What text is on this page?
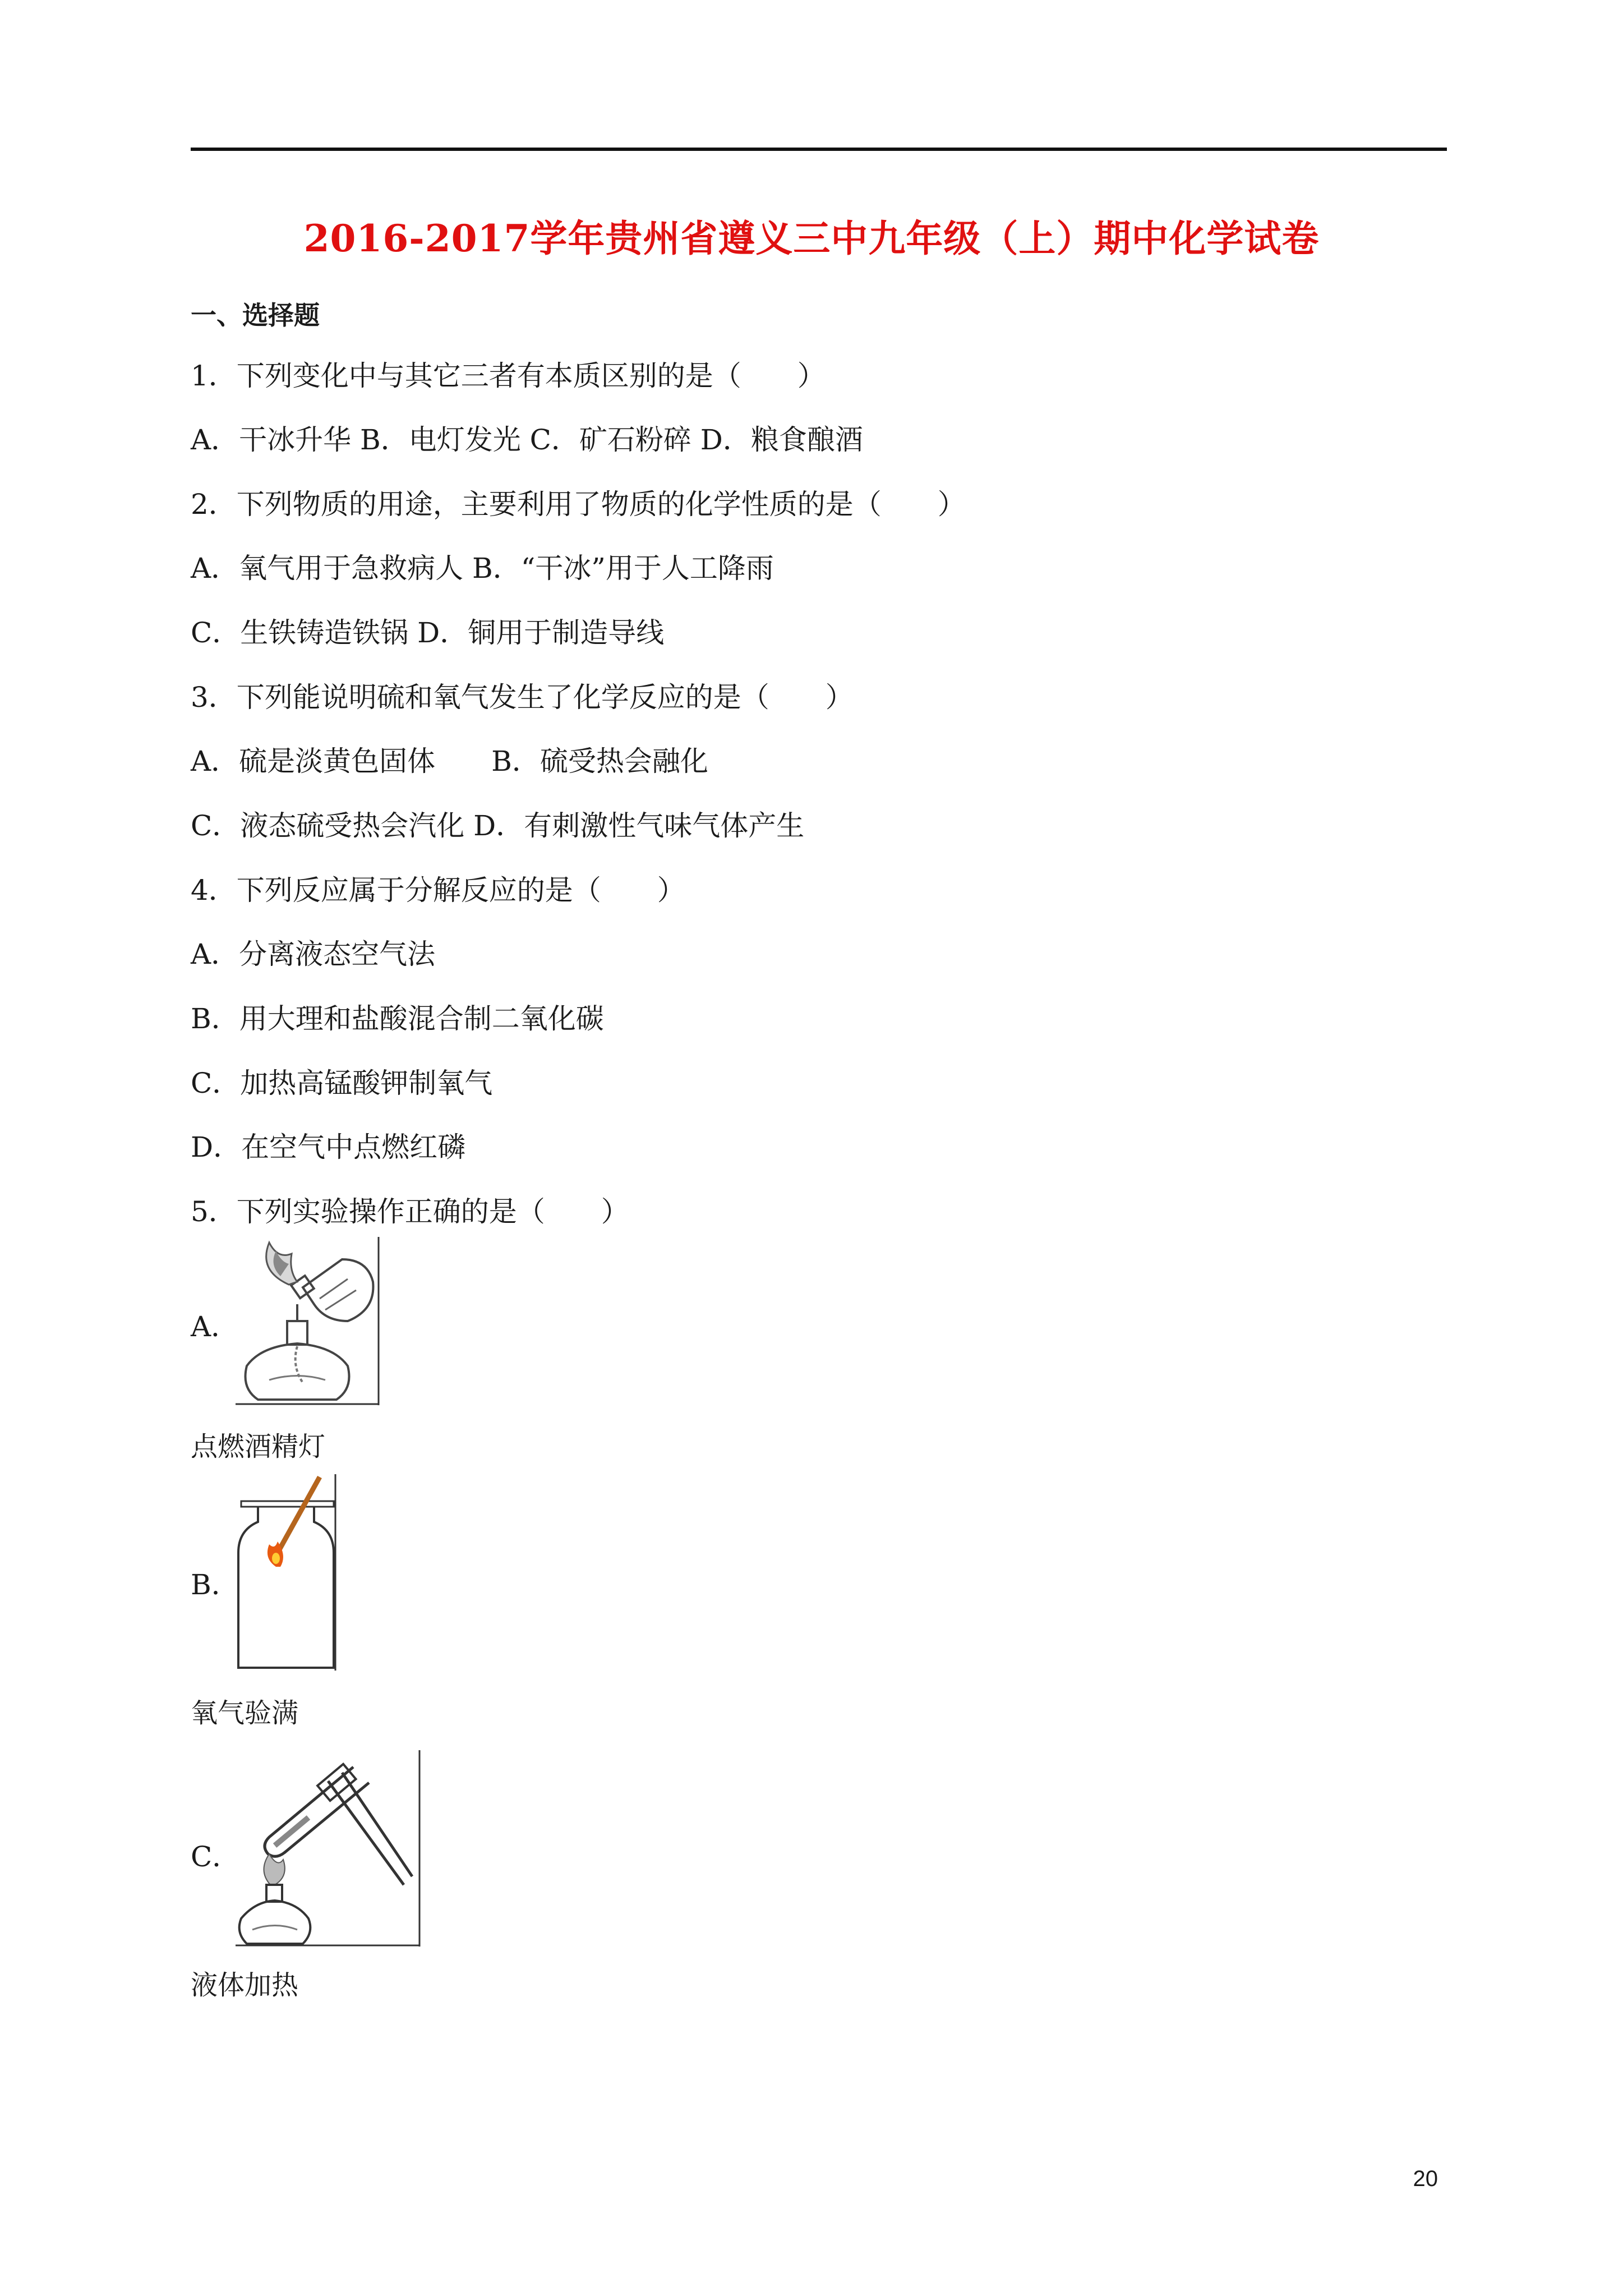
2016-2017学年贵州省遵义三中九年级（上）期中化学试卷
一、选择题
1．下列变化中与其它三者有本质区别的是（　　）
A．干冰升华 B．电灯发光 C．矿石粉碎 D．粮食酿酒
2．下列物质的用途，主要利用了物质的化学性质的是（　　）
A．氧气用于急救病人 B．“干冰”用于人工降雨
C．生铁铸造铁锅 D．铜用于制造导线
3．下列能说明硫和氧气发生了化学反应的是（　　）
A．硫是淡黄色固体　　B．硫受热会融化
C．液态硫受热会汽化 D．有刺激性气味气体产生
4．下列反应属于分解反应的是（　　）
A．分离液态空气法
B．用大理和盐酸混合制二氧化碳
C．加热高锰酸钾制氧气
D．在空气中点燃红磷
5．下列实验操作正确的是（　　）
A．
点燃酒精灯
B．
氧气验满
C．
液体加热
20
